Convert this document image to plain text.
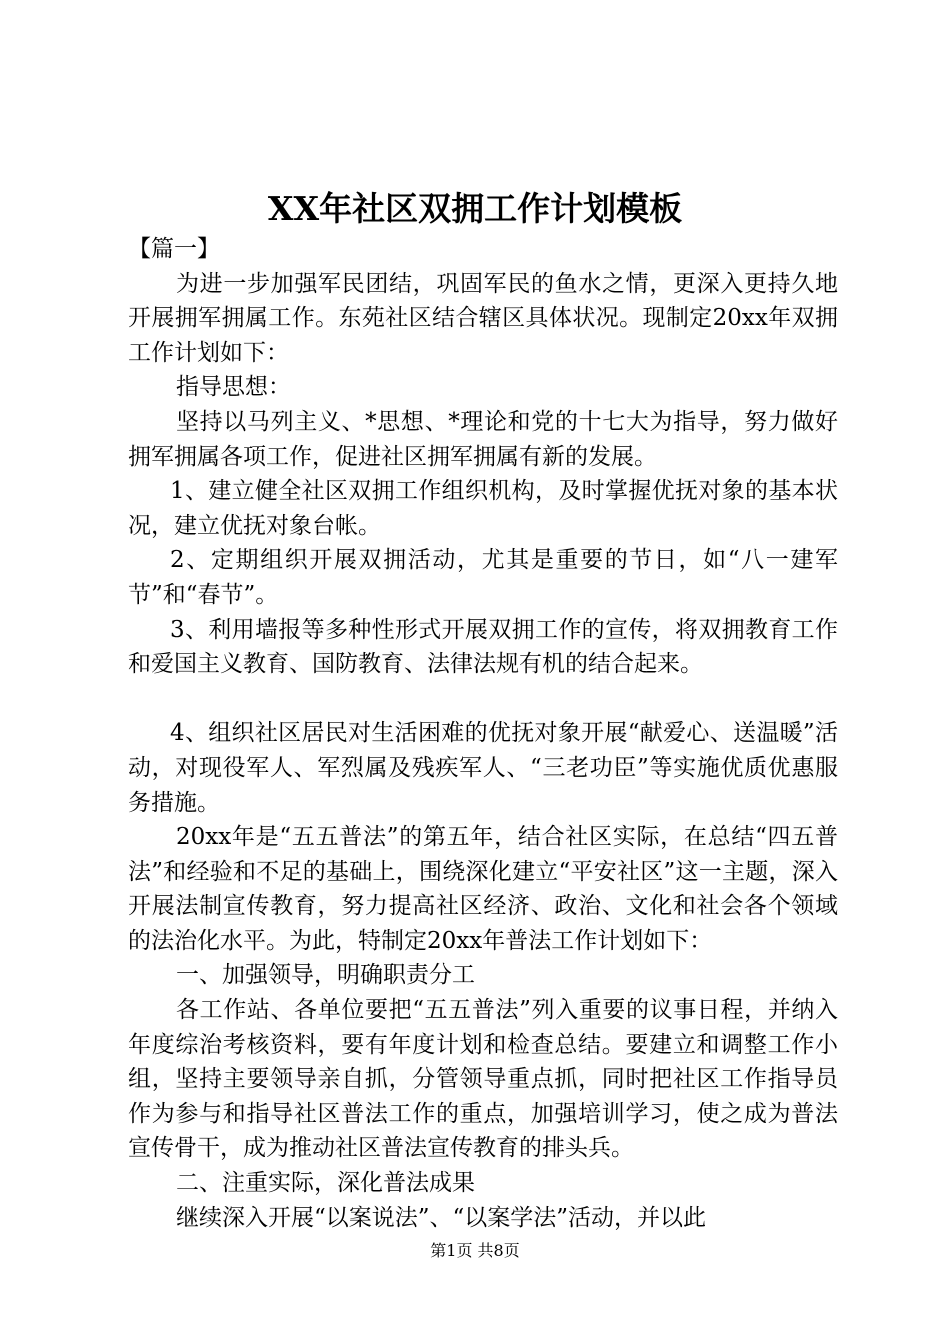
XX年社区双拥工作计划模板

【篇一】

为进一步加强军民团结，巩固军民的鱼水之情，更深入更持久地开展拥军拥属工作。东苑社区结合辖区具体状况。现制定20xx年双拥工作计划如下：

指导思想：

坚持以马列主义、*思想、*理论和党的十七大为指导，努力做好拥军拥属各项工作，促进社区拥军拥属有新的发展。

1、建立健全社区双拥工作组织机构，及时掌握优抚对象的基本状况，建立优抚对象台帐。

2、定期组织开展双拥活动，尤其是重要的节日，如“八一建军节”和“春节”。

3、利用墙报等多种性形式开展双拥工作的宣传，将双拥教育工作和爱国主义教育、国防教育、法律法规有机的结合起来。

4、组织社区居民对生活困难的优抚对象开展“献爱心、送温暖”活动，对现役军人、军烈属及残疾军人、“三老功臣”等实施优质优惠服务措施。

20xx年是“五五普法”的第五年，结合社区实际，在总结“四五普法”和经验和不足的基础上，围绕深化建立“平安社区”这一主题，深入开展法制宣传教育，努力提高社区经济、政治、文化和社会各个领域的法治化水平。为此，特制定20xx年普法工作计划如下：

一、加强领导，明确职责分工

各工作站、各单位要把“五五普法”列入重要的议事日程，并纳入年度综治考核资料，要有年度计划和检查总结。要建立和调整工作小组，坚持主要领导亲自抓，分管领导重点抓，同时把社区工作指导员作为参与和指导社区普法工作的重点，加强培训学习，使之成为普法宣传骨干，成为推动社区普法宣传教育的排头兵。

二、注重实际，深化普法成果

继续深入开展“以案说法”、“以案学法”活动，并以此

第1页 共8页
